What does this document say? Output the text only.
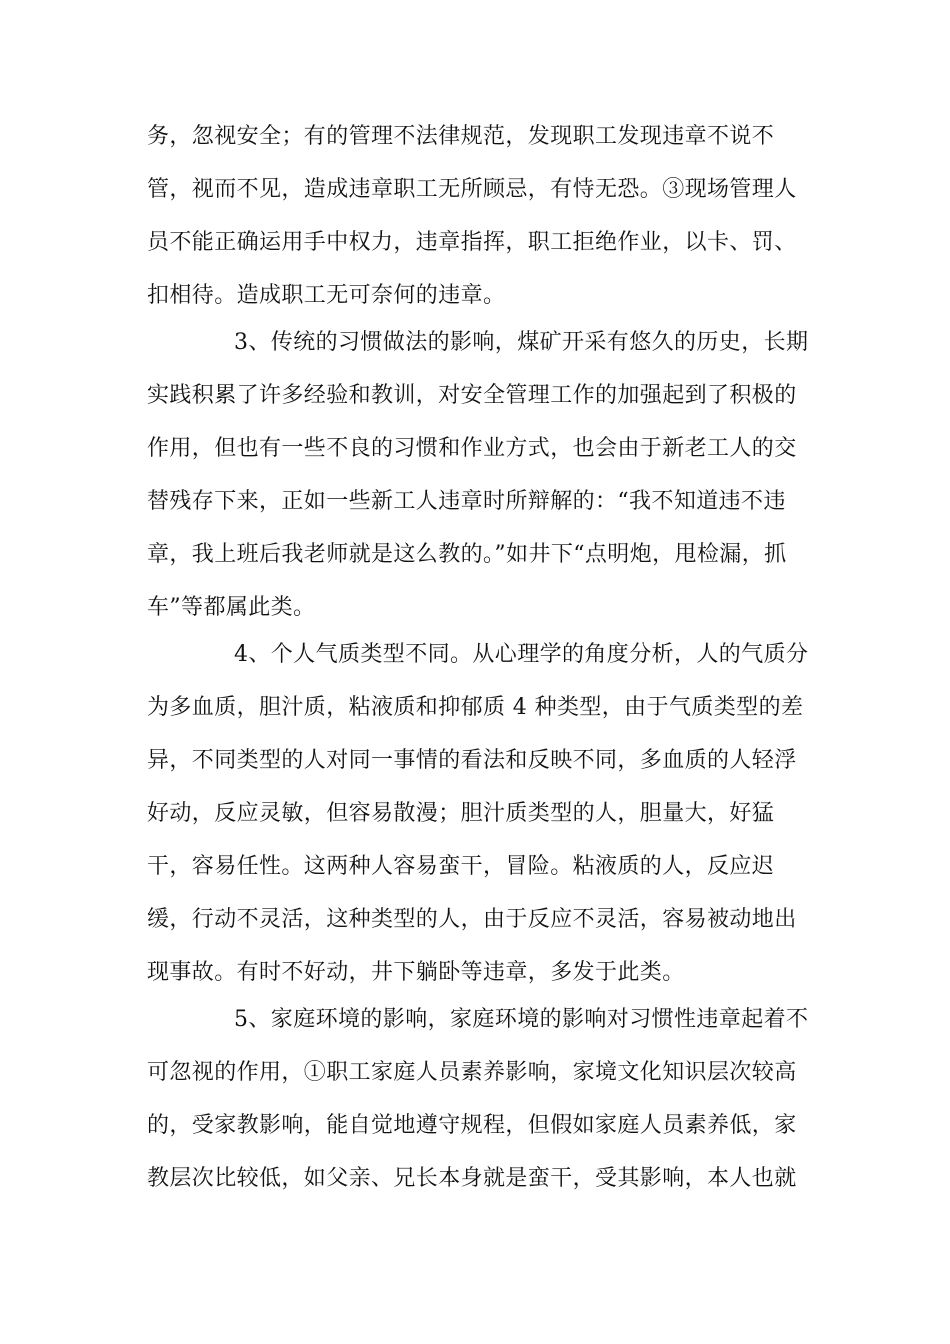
务，忽视安全；有的管理不法律规范，发现职工发现违章不说不
管，视而不见，造成违章职工无所顾忌，有恃无恐。③现场管理人
员不能正确运用手中权力，违章指挥，职工拒绝作业，以卡、罚、
扣相待。造成职工无可奈何的违章。
3、传统的习惯做法的影响，煤矿开采有悠久的历史，长期
实践积累了许多经验和教训，对安全管理工作的加强起到了积极的
作用，但也有一些不良的习惯和作业方式，也会由于新老工人的交
替残存下来，正如一些新工人违章时所辩解的：“我不知道违不违
章，我上班后我老师就是这么教的。”如井下“点明炮，甩检漏，抓
车”等都属此类。
4、个人气质类型不同。从心理学的角度分析，人的气质分
为多血质，胆汁质，粘液质和抑郁质 4 种类型，由于气质类型的差
异，不同类型的人对同一事情的看法和反映不同，多血质的人轻浮
好动，反应灵敏，但容易散漫；胆汁质类型的人，胆量大，好猛
干，容易任性。这两种人容易蛮干，冒险。粘液质的人，反应迟
缓，行动不灵活，这种类型的人，由于反应不灵活，容易被动地出
现事故。有时不好动，井下躺卧等违章，多发于此类。
5、家庭环境的影响，家庭环境的影响对习惯性违章起着不
可忽视的作用，①职工家庭人员素养影响，家境文化知识层次较高
的，受家教影响，能自觉地遵守规程，但假如家庭人员素养低，家
教层次比较低，如父亲、兄长本身就是蛮干，受其影响，本人也就
